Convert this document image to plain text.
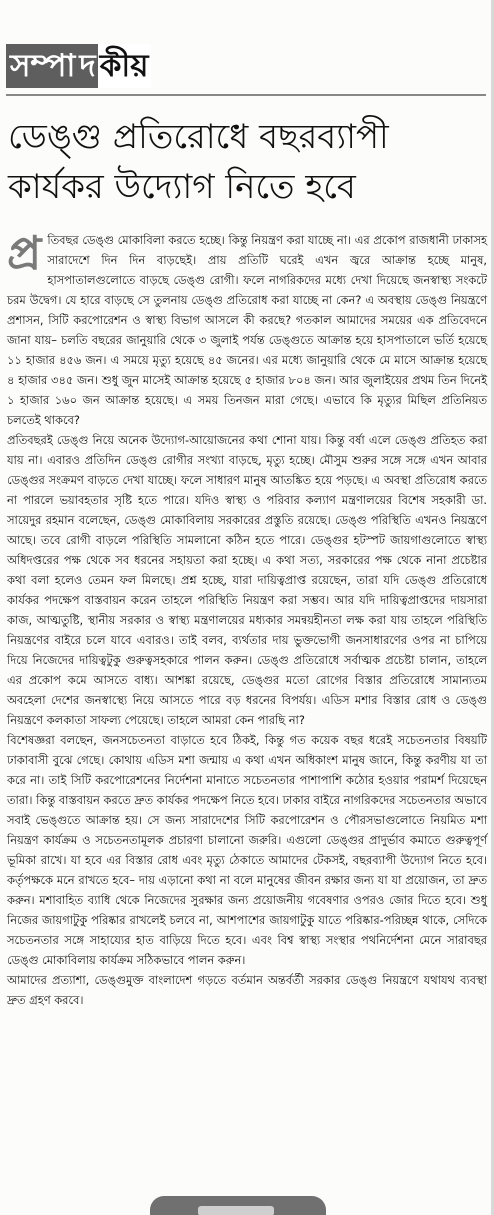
সম্পা দ কীয়
ডেঙ্গু প্রতিরোধে বছরব্যাপী
কার্যকর উদ্যোগ নিতে হবে

প্র তিবছর ডেঙ্গু মোকাবিলা করতে হচ্ছে। কিন্তু নিয়ন্ত্রণ করা যাচ্ছে না। এর প্রকোপ রাজধানী ঢাকাসহ সারাদেশে দিন দিন বাড়ছেই। প্রায় প্রতিটি ঘরেই এখন জ্বরে আক্রান্ত হচ্ছে মানুষ, হাসপাতালগুলোতে বাড়ছে ডেঙ্গু রোগী। ফলে নাগরিকদের মধ্যে দেখা দিয়েছে জনস্বাস্থ্য সংকটে চরম উদ্বেগ। যে হারে বাড়ছে সে তুলনায় ডেঙ্গু প্রতিরোধ করা যাচ্ছে না কেন? এ অবস্থায় ডেঙ্গু নিয়ন্ত্রণে প্রশাসন, সিটি করপোরেশন ও স্বাস্থ্য বিভাগ আসলে কী করছে? গতকাল আমাদের সময়ের এক প্রতিবেদনে জানা যায়– চলতি বছরের জানুয়ারি থেকে ৩ জুলাই পর্যন্ত ডেঙ্গুতে আক্রান্ত হয়ে হাসপাতালে ভর্তি হয়েছে ১১ হাজার ৪৫৬ জন। এ সময়ে মৃত্যু হয়েছে ৪৫ জনের। এর মধ্যে জানুয়ারি থেকে মে মাসে আক্রান্ত হয়েছে ৪ হাজার ৩৪৫ জন। শুধু জুন মাসেই আক্রান্ত হয়েছে ৫ হাজার ৮০৪ জন। আর জুলাইয়ের প্রথম তিন দিনেই ১ হাজার ১৬০ জন আক্রান্ত হয়েছে। এ সময় তিনজন মারা গেছে। এভাবে কি মৃত্যুর মিছিল প্রতিনিয়ত চলতেই থাকবে?

প্রতিবছরই ডেঙ্গু নিয়ে অনেক উদ্যোগ-আয়োজনের কথা শোনা যায়। কিন্তু বর্ষা এলে ডেঙ্গু প্রতিহত করা যায় না। এবারও প্রতিদিন ডেঙ্গু রোগীর সংখ্যা বাড়ছে, মৃত্যু হচ্ছে। মৌসুম শুরুর সঙ্গে সঙ্গে এখন আবার ডেঙ্গুর সংক্রমণ বাড়তে দেখা যাচ্ছে। ফলে সাধারণ মানুষ আতঙ্কিত হয়ে পড়ছে। এ অবস্থা প্রতিরোধ করতে না পারলে ভয়াবহতার সৃষ্টি হতে পারে। যদিও স্বাস্থ্য ও পরিবার কল্যাণ মন্ত্রণালয়ের বিশেষ সহকারী ডা. সায়েদুর রহমান বলেছেন, ডেঙ্গু মোকাবিলায় সরকারের প্রস্তুতি রয়েছে। ডেঙ্গু পরিস্থিতি এখনও নিয়ন্ত্রণে আছে। তবে রোগী বাড়লে পরিস্থিতি সামলানো কঠিন হতে পারে। ডেঙ্গুর হটস্পট জায়গাগুলোতে স্বাস্থ্য অধিদপ্তরের পক্ষ থেকে সব ধরনের সহায়তা করা হচ্ছে। এ কথা সত্য, সরকারের পক্ষ থেকে নানা প্রচেষ্টার কথা বলা হলেও তেমন ফল মিলছে। প্রশ্ন হচ্ছে, যারা দায়িত্বপ্রাপ্ত রয়েছেন, তারা যদি ডেঙ্গু প্রতিরোধে কার্যকর পদক্ষেপ বাস্তবায়ন করেন তাহলে পরিস্থিতি নিয়ন্ত্রণ করা সম্ভব। আর যদি দায়িত্বপ্রাপ্তদের দায়সারা কাজ, আত্মতুষ্টি, স্থানীয় সরকার ও স্বাস্থ্য মন্ত্রণালয়ের মধ্যকার সমন্বয়হীনতা লক্ষ করা যায় তাহলে পরিস্থিতি নিয়ন্ত্রণের বাইরে চলে যাবে এবারও। তাই বলব, ব্যর্থতার দায় ভুক্তভোগী জনসাধারণের ওপর না চাপিয়ে দিয়ে নিজেদের দায়িত্বটুকু গুরুত্বসহকারে পালন করুন। ডেঙ্গু প্রতিরোধে সর্বাত্মক প্রচেষ্টা চালান, তাহলে এর প্রকোপ কমে আসতে বাধ্য। আশঙ্কা রয়েছে, ডেঙ্গুর মতো রোগের বিস্তার প্রতিরোধে সামান্যতম অবহেলা দেশের জনস্বাস্থ্যে নিয়ে আসতে পারে বড় ধরনের বিপর্যয়। এডিস মশার বিস্তার রোধ ও ডেঙ্গু নিয়ন্ত্রণে কলকাতা সাফল্য পেয়েছে। তাহলে আমরা কেন পারছি না?

বিশেষজ্ঞরা বলছেন, জনসচেতনতা বাড়াতে হবে ঠিকই, কিন্তু গত কয়েক বছর ধরেই সচেতনতার বিষয়টি ঢাকাবাসী বুঝে গেছে। কোথায় এডিস মশা জন্মায় এ কথা এখন অধিকাংশ মানুষ জানে, কিন্তু করণীয় যা তা করে না। তাই সিটি করপোরেশনের নির্দেশনা মানাতে সচেতনতার পাশাপাশি কঠোর হওয়ার পরামর্শ দিয়েছেন তারা। কিন্তু বাস্তবায়ন করতে দ্রুত কার্যকর পদক্ষেপ নিতে হবে। ঢাকার বাইরে নাগরিকদের সচেতনতার অভাবে সবাই ভেঙ্গুতে আক্রান্ত হয়। সে জন্য সারাদেশের সিটি করপোরেশন ও পৌরসভাগুলোতে নিয়মিত মশা নিয়ন্ত্রণ কার্যক্রম ও সচেতনতামূলক প্রচারণা চালানো জরুরি। এগুলো ডেঙ্গুর প্রাদুর্ভাব কমাতে গুরুত্বপূর্ণ ভূমিকা রাখে। যা হবে এর বিস্তার রোধ এবং মৃত্যু ঠেকাতে আমাদের টেকসই, বছরব্যাপী উদ্যোগ নিতে হবে। কর্তৃপক্ষকে মনে রাখতে হবে– দায় এড়ানো কথা না বলে মানুষের জীবন রক্ষার জন্য যা যা প্রয়োজন, তা দ্রুত করুন। মশাবাহিত ব্যাধি থেকে নিজেদের সুরক্ষার জন্য প্রয়োজনীয় গবেষণার ওপরও জোর দিতে হবে। শুধু নিজের জায়গাটুকু পরিষ্কার রাখলেই চলবে না, আশপাশের জায়গাটুকু যাতে পরিষ্কার-পরিচ্ছন্ন থাকে, সেদিকে সচেতনতার সঙ্গে সাহায্যের হাত বাড়িয়ে দিতে হবে। এবং বিশ্ব স্বাস্থ্য সংস্থার পথনির্দেশনা মেনে সারাবছর ডেঙ্গু মোকাবিলায় কার্যক্রম সঠিকভাবে পালন করুন।

আমাদের প্রত্যাশা, ডেঙ্গুমুক্ত বাংলাদেশ গড়তে বর্তমান অন্তর্বর্তী সরকার ডেঙ্গু নিয়ন্ত্রণে যথাযথ ব্যবস্থা দ্রুত গ্রহণ করবে।
